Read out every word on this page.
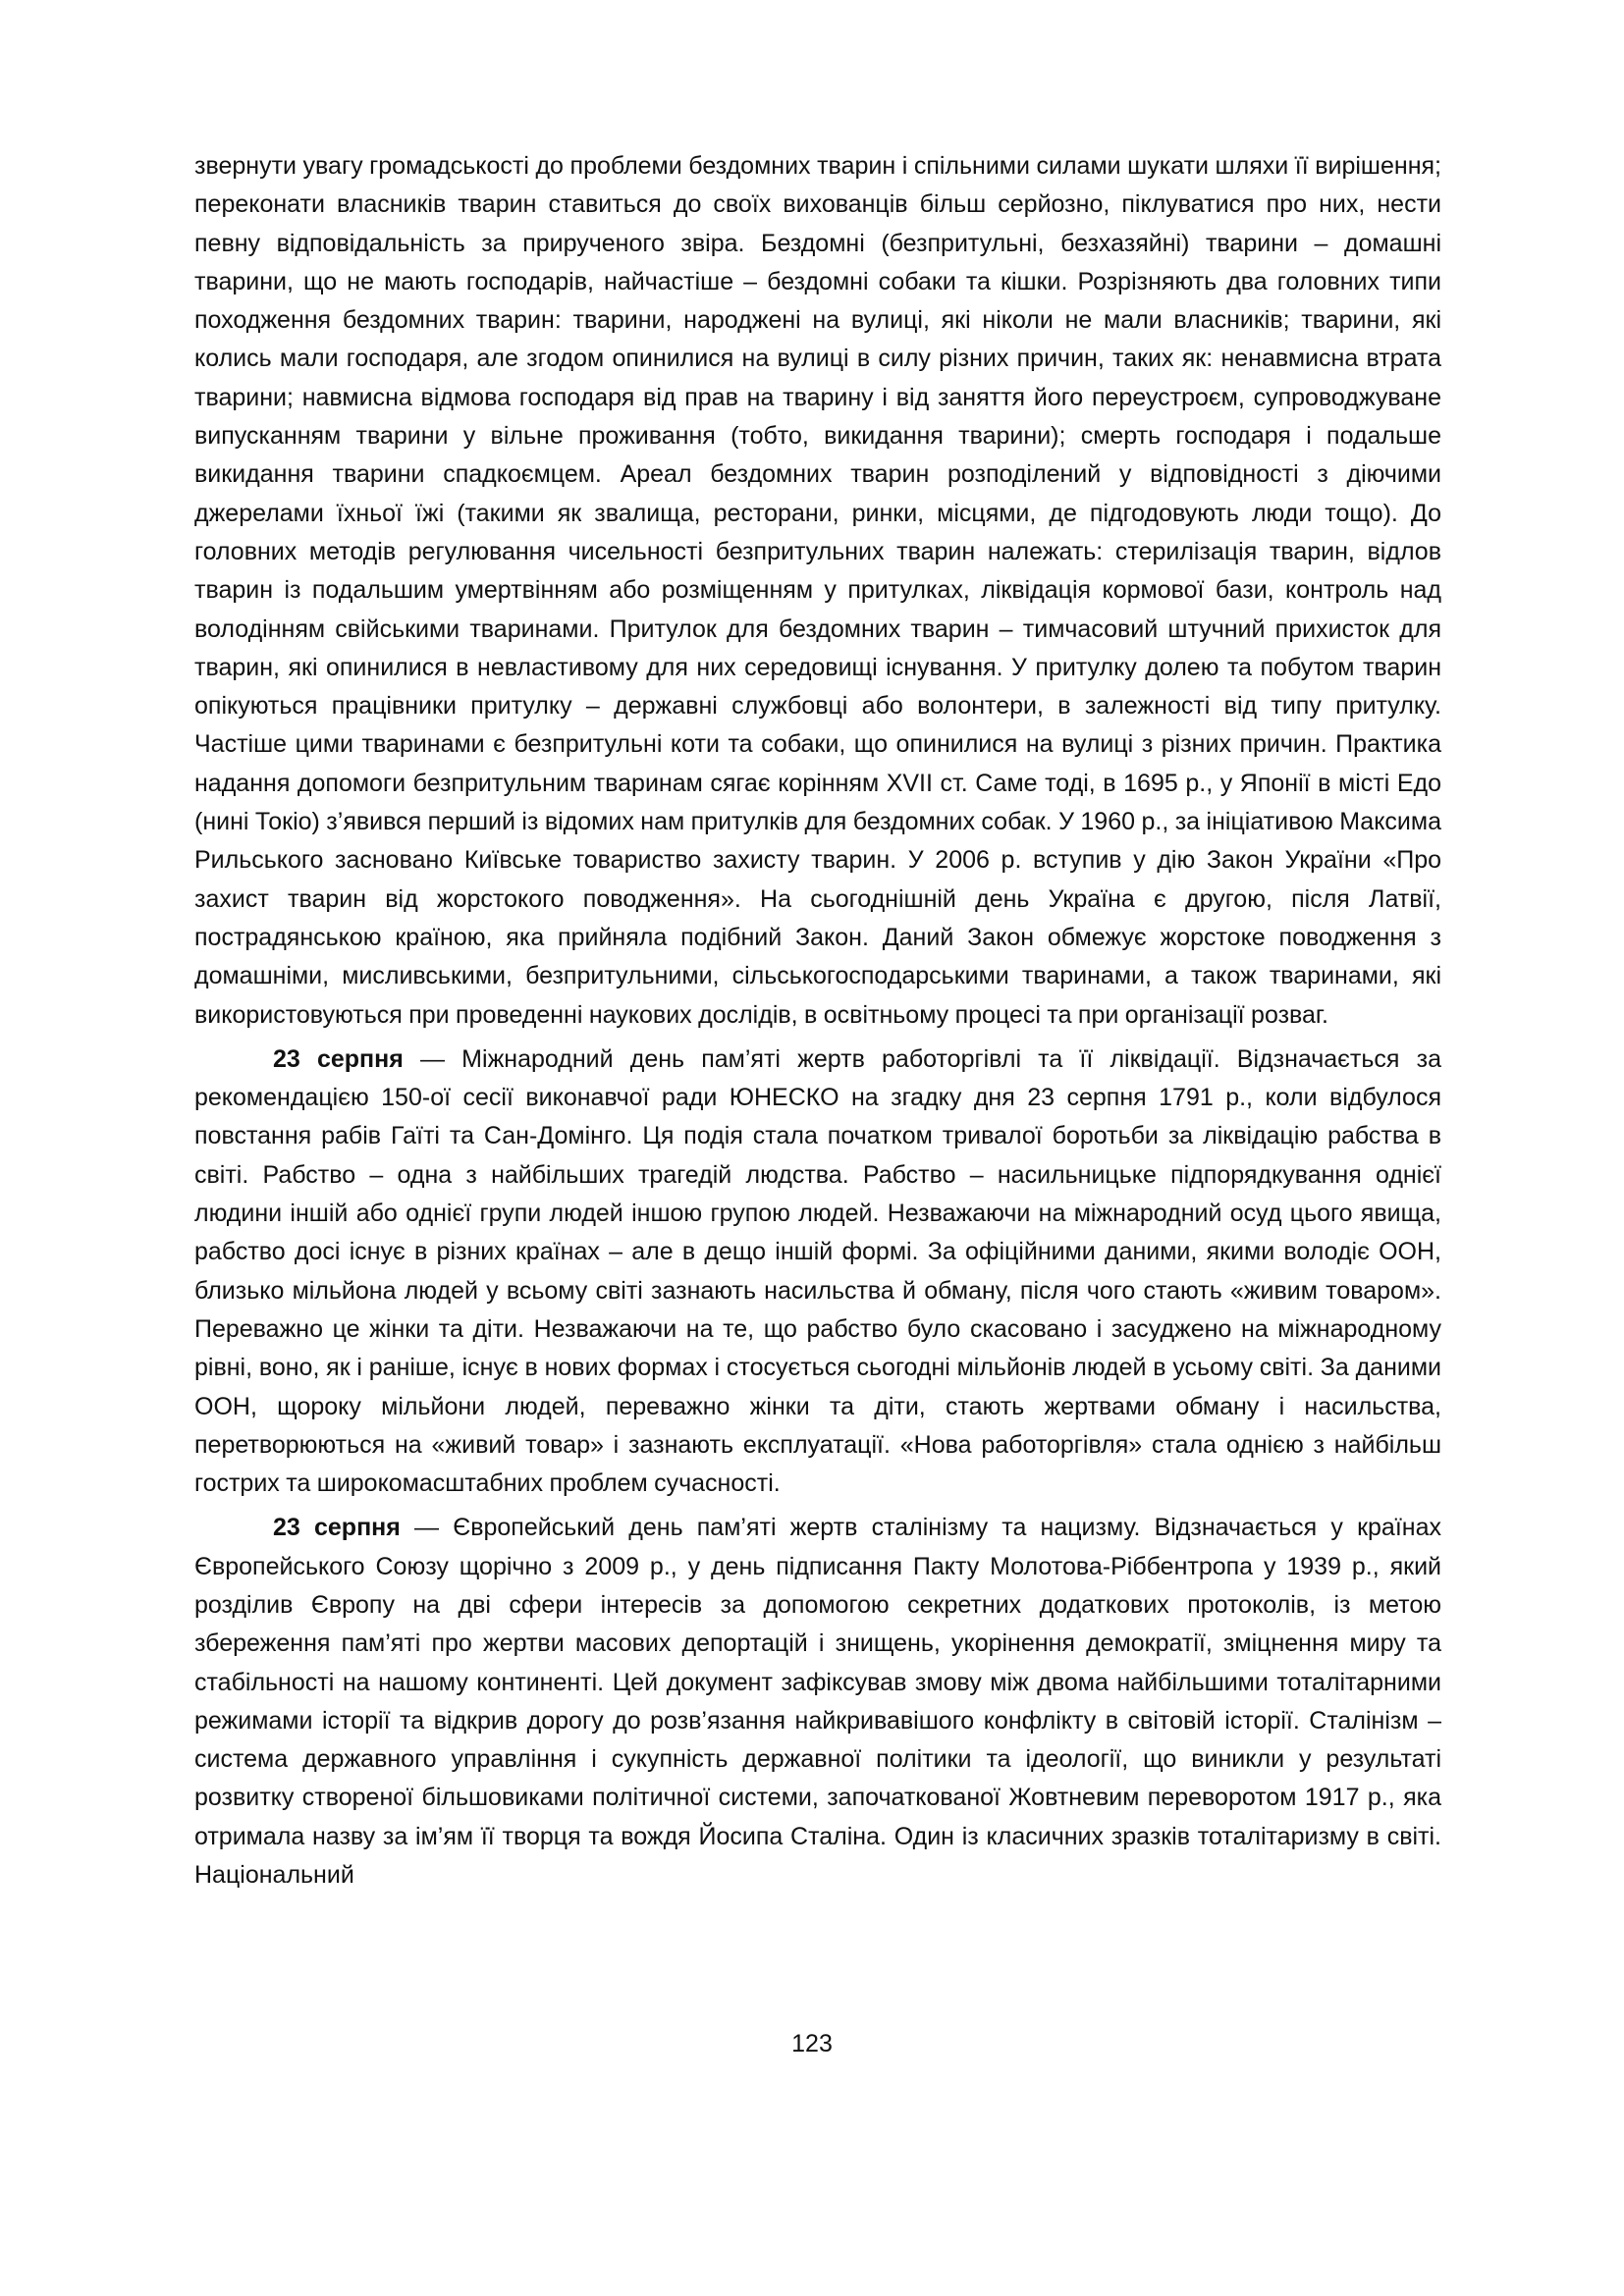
звернути увагу громадськості до проблеми бездомних тварин і спільними силами шукати шляхи її вирішення; переконати власників тварин ставиться до своїх вихованців більш серйозно, піклуватися про них, нести певну відповідальність за прирученого звіра. Бездомні (безпритульні, безхазяйні) тварини – домашні тварини, що не мають господарів, найчастіше – бездомні собаки та кішки. Розрізняють два головних типи походження бездомних тварин: тварини, народжені на вулиці, які ніколи не мали власників; тварини, які колись мали господаря, але згодом опинилися на вулиці в силу різних причин, таких як: ненавмисна втрата тварини; навмисна відмова господаря від прав на тварину і від заняття його переустроєм, супроводжуване випусканням тварини у вільне проживання (тобто, викидання тварини); смерть господаря і подальше викидання тварини спадкоємцем. Ареал бездомних тварин розподілений у відповідності з діючими джерелами їхньої їжі (такими як звалища, ресторани, ринки, місцями, де підгодовують люди тощо). До головних методів регулювання чисельності безпритульних тварин належать: стерилізація тварин, відлов тварин із подальшим умертвінням або розміщенням у притулках, ліквідація кормової бази, контроль над володінням свійськими тваринами. Притулок для бездомних тварин – тимчасовий штучний прихисток для тварин, які опинилися в невластивому для них середовищі існування. У притулку долею та побутом тварин опікуються працівники притулку – державні службовці або волонтери, в залежності від типу притулку. Частіше цими тваринами є безпритульні коти та собаки, що опинилися на вулиці з різних причин. Практика надання допомоги безпритульним тваринам сягає корінням XVII ст. Саме тоді, в 1695 р., у Японії в місті Едо (нині Токіо) з’явився перший із відомих нам притулків для бездомних собак. У 1960 р., за ініціативою Максима Рильського засновано Київське товариство захисту тварин. У 2006 р. вступив у дію Закон України «Про захист тварин від жорстокого поводження». На сьогоднішній день Україна є другою, після Латвії, пострадянською країною, яка прийняла подібний Закон. Даний Закон обмежує жорстоке поводження з домашніми, мисливськими, безпритульними, сільськогосподарськими тваринами, а також тваринами, які використовуються при проведенні наукових дослідів, в освітньому процесі та при організації розваг.

23 серпня — Міжнародний день пам’яті жертв работоргівлі та її ліквідації. Відзначається за рекомендацією 150-ої сесії виконавчої ради ЮНЕСКО на згадку дня 23 серпня 1791 р., коли відбулося повстання рабів Гаїті та Сан-Домінго. Ця подія стала початком тривалої боротьби за ліквідацію рабства в світі. Рабство – одна з найбільших трагедій людства. Рабство – насильницьке підпорядкування однієї людини іншій або однієї групи людей іншою групою людей. Незважаючи на міжнародний осуд цього явища, рабство досі існує в різних країнах – але в дещо іншій формі. За офіційними даними, якими володіє ООН, близько мільйона людей у всьому світі зазнають насильства й обману, після чого стають «живим товаром». Переважно це жінки та діти. Незважаючи на те, що рабство було скасовано і засуджено на міжнародному рівні, воно, як і раніше, існує в нових формах і стосується сьогодні мільйонів людей в усьому світі. За даними ООН, щороку мільйони людей, переважно жінки та діти, стають жертвами обману і насильства, перетворюються на «живий товар» і зазнають експлуатації. «Нова работоргівля» стала однією з найбільш гострих та широкомасштабних проблем сучасності.

23 серпня — Європейський день пам’яті жертв сталінізму та нацизму. Відзначається у країнах Європейського Союзу щорічно з 2009 р., у день підписання Пакту Молотова-Ріббентропа у 1939 р., який розділив Європу на дві сфери інтересів за допомогою секретних додаткових протоколів, із метою збереження пам’яті про жертви масових депортацій і знищень, укорінення демократії, зміцнення миру та стабільності на нашому континенті. Цей документ зафіксував змову між двома найбільшими тоталітарними режимами історії та відкрив дорогу до розв’язання найкривавішого конфлікту в світовій історії. Сталінізм – система державного управління і сукупність державної політики та ідеології, що виникли у результаті розвитку створеної більшовиками політичної системи, започаткованої Жовтневим переворотом 1917 р., яка отримала назву за ім’ям її творця та вождя Йосипа Сталіна. Один із класичних зразків тоталітаризму в світі. Національний

123
